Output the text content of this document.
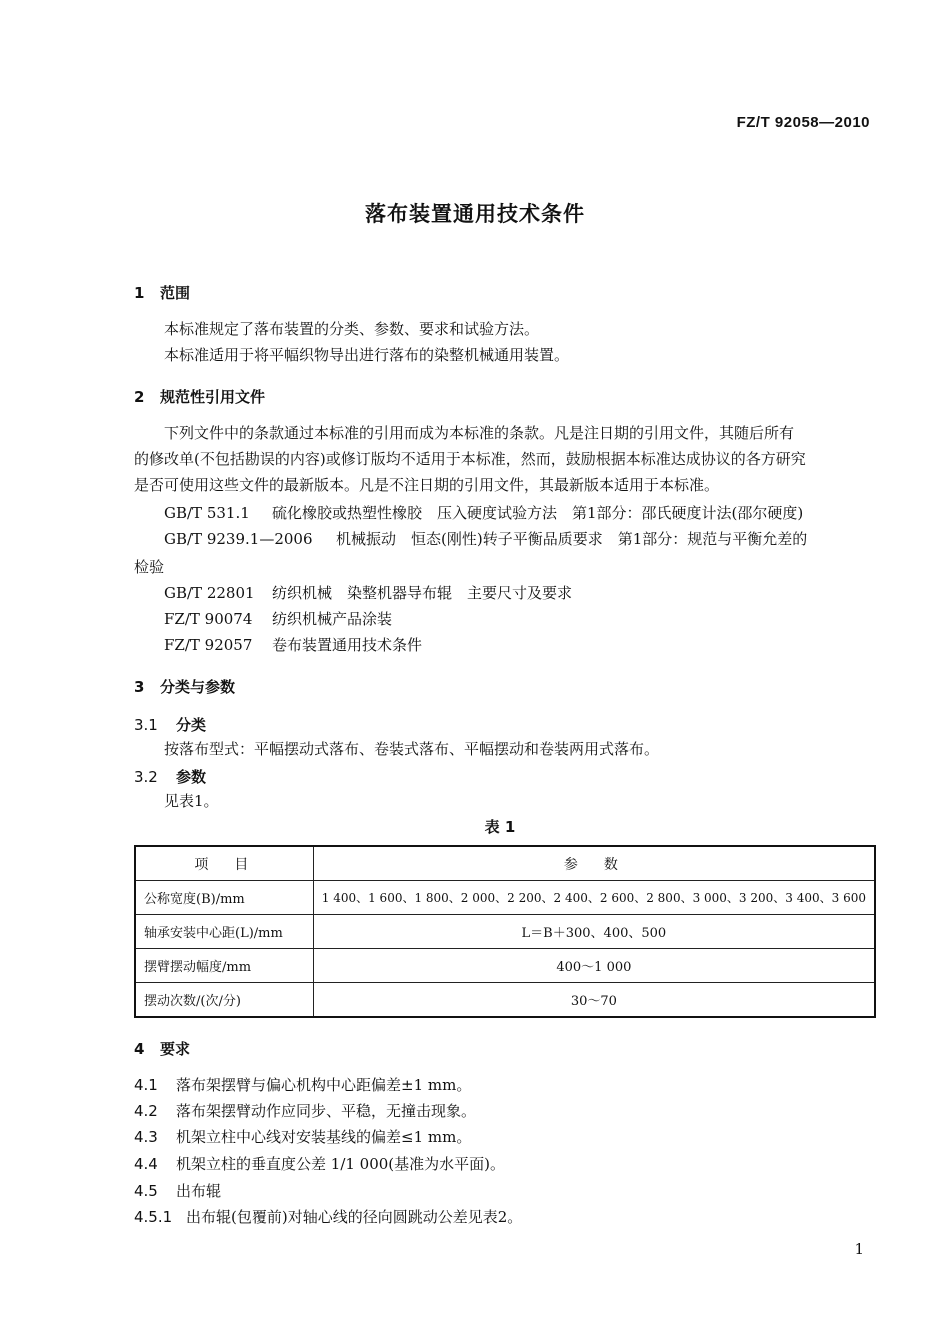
FZ/T 92058—2010
落布装置通用技术条件
1 范围
本标准规定了落布装置的分类、参数、要求和试验方法。
本标准适用于将平幅织物导出进行落布的染整机械通用装置。
2 规范性引用文件
下列文件中的条款通过本标准的引用而成为本标准的条款。凡是注日期的引用文件，其随后所有
的修改单(不包括勘误的内容)或修订版均不适用于本标准，然而，鼓励根据本标准达成协议的各方研究
是否可使用这些文件的最新版本。凡是不注日期的引用文件，其最新版本适用于本标准。
GB/T 531.1 硫化橡胶或热塑性橡胶　压入硬度试验方法　第1部分：邵氏硬度计法(邵尔硬度)
GB/T 9239.1—2006 机械振动　恒态(刚性)转子平衡品质要求　第1部分：规范与平衡允差的
检验
GB/T 22801 纺织机械　染整机器导布辊　主要尺寸及要求
FZ/T 90074 纺织机械产品涂装
FZ/T 92057 卷布装置通用技术条件
3 分类与参数
3.1 分类
按落布型式：平幅摆动式落布、卷装式落布、平幅摆动和卷装两用式落布。
3.2 参数
见表1。
表 1
项　目	参　数
公称宽度(B)/mm	1 400、1 600、1 800、2 000、2 200、2 400、2 600、2 800、3 000、3 200、3 400、3 600
轴承安装中心距(L)/mm	L＝B＋300、400、500
摆臂摆动幅度/mm	400～1 000
摆动次数/(次/分)	30～70
4 要求
4.1 落布架摆臂与偏心机构中心距偏差±1 mm。
4.2 落布架摆臂动作应同步、平稳，无撞击现象。
4.3 机架立柱中心线对安装基线的偏差≤1 mm。
4.4 机架立柱的垂直度公差 1/1 000(基准为水平面)。
4.5 出布辊
4.5.1 出布辊(包覆前)对轴心线的径向圆跳动公差见表2。
1
